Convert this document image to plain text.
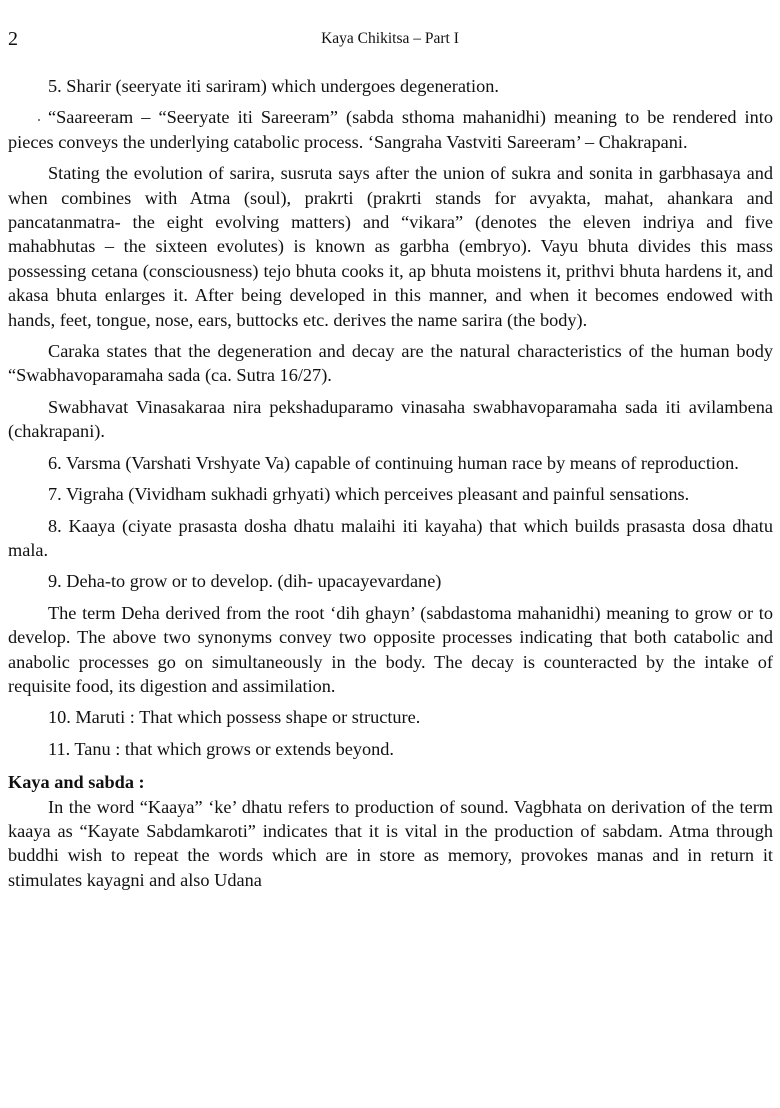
2	Kaya Chikitsa – Part I

5. Sharir (seeryate iti sariram) which undergoes degeneration.

“Saareeram – “Seeryate iti Sareeram” (sabda sthoma mahanidhi) meaning to be rendered into pieces conveys the underlying catabolic process. ‘Sangraha Vastviti Sareeram’ – Chakrapani.

Stating the evolution of sarira, susruta says after the union of sukra and sonita in garbhasaya and when combines with Atma (soul), prakrti (prakrti stands for avyakta, mahat, ahankara and pancatanmatra- the eight evolving matters) and “vikara” (denotes the eleven indriya and five mahabhutas – the sixteen evolutes) is known as garbha (embryo). Vayu bhuta divides this mass possessing cetana (consciousness) tejo bhuta cooks it, ap bhuta moistens it, prithvi bhuta hardens it, and akasa bhuta enlarges it. After being developed in this manner, and when it becomes endowed with hands, feet, tongue, nose, ears, buttocks etc. derives the name sarira (the body).

Caraka states that the degeneration and decay are the natural characteristics of the human body “Swabhavoparamaha sada (ca. Sutra 16/27).

Swabhavat Vinasakaraa nira pekshaduparamo vinasaha swabhavoparamaha sada iti avilambena (chakrapani).

6. Varsma (Varshati Vrshyate Va) capable of continuing human race by means of reproduction.

7. Vigraha (Vividham sukhadi grhyati) which perceives pleasant and painful sensations.

8. Kaaya (ciyate prasasta dosha dhatu malaihi iti kayaha) that which builds prasasta dosa dhatu mala.

9. Deha-to grow or to develop. (dih- upacayevardane)

The term Deha derived from the root ‘dih ghayn’ (sabdastoma mahanidhi) meaning to grow or to develop. The above two synonyms convey two opposite processes indicating that both catabolic and anabolic processes go on simultaneously in the body. The decay is counteracted by the intake of requisite food, its digestion and assimilation.

10. Maruti : That which possess shape or structure.

11. Tanu : that which grows or extends beyond.

Kaya and sabda :

In the word “Kaaya” ‘ke’ dhatu refers to production of sound. Vagbhata on derivation of the term kaaya as “Kayate Sabdamkaroti” indicates that it is vital in the production of sabdam. Atma through buddhi wish to repeat the words which are in store as memory, provokes manas and in return it stimulates kayagni and also Udana
